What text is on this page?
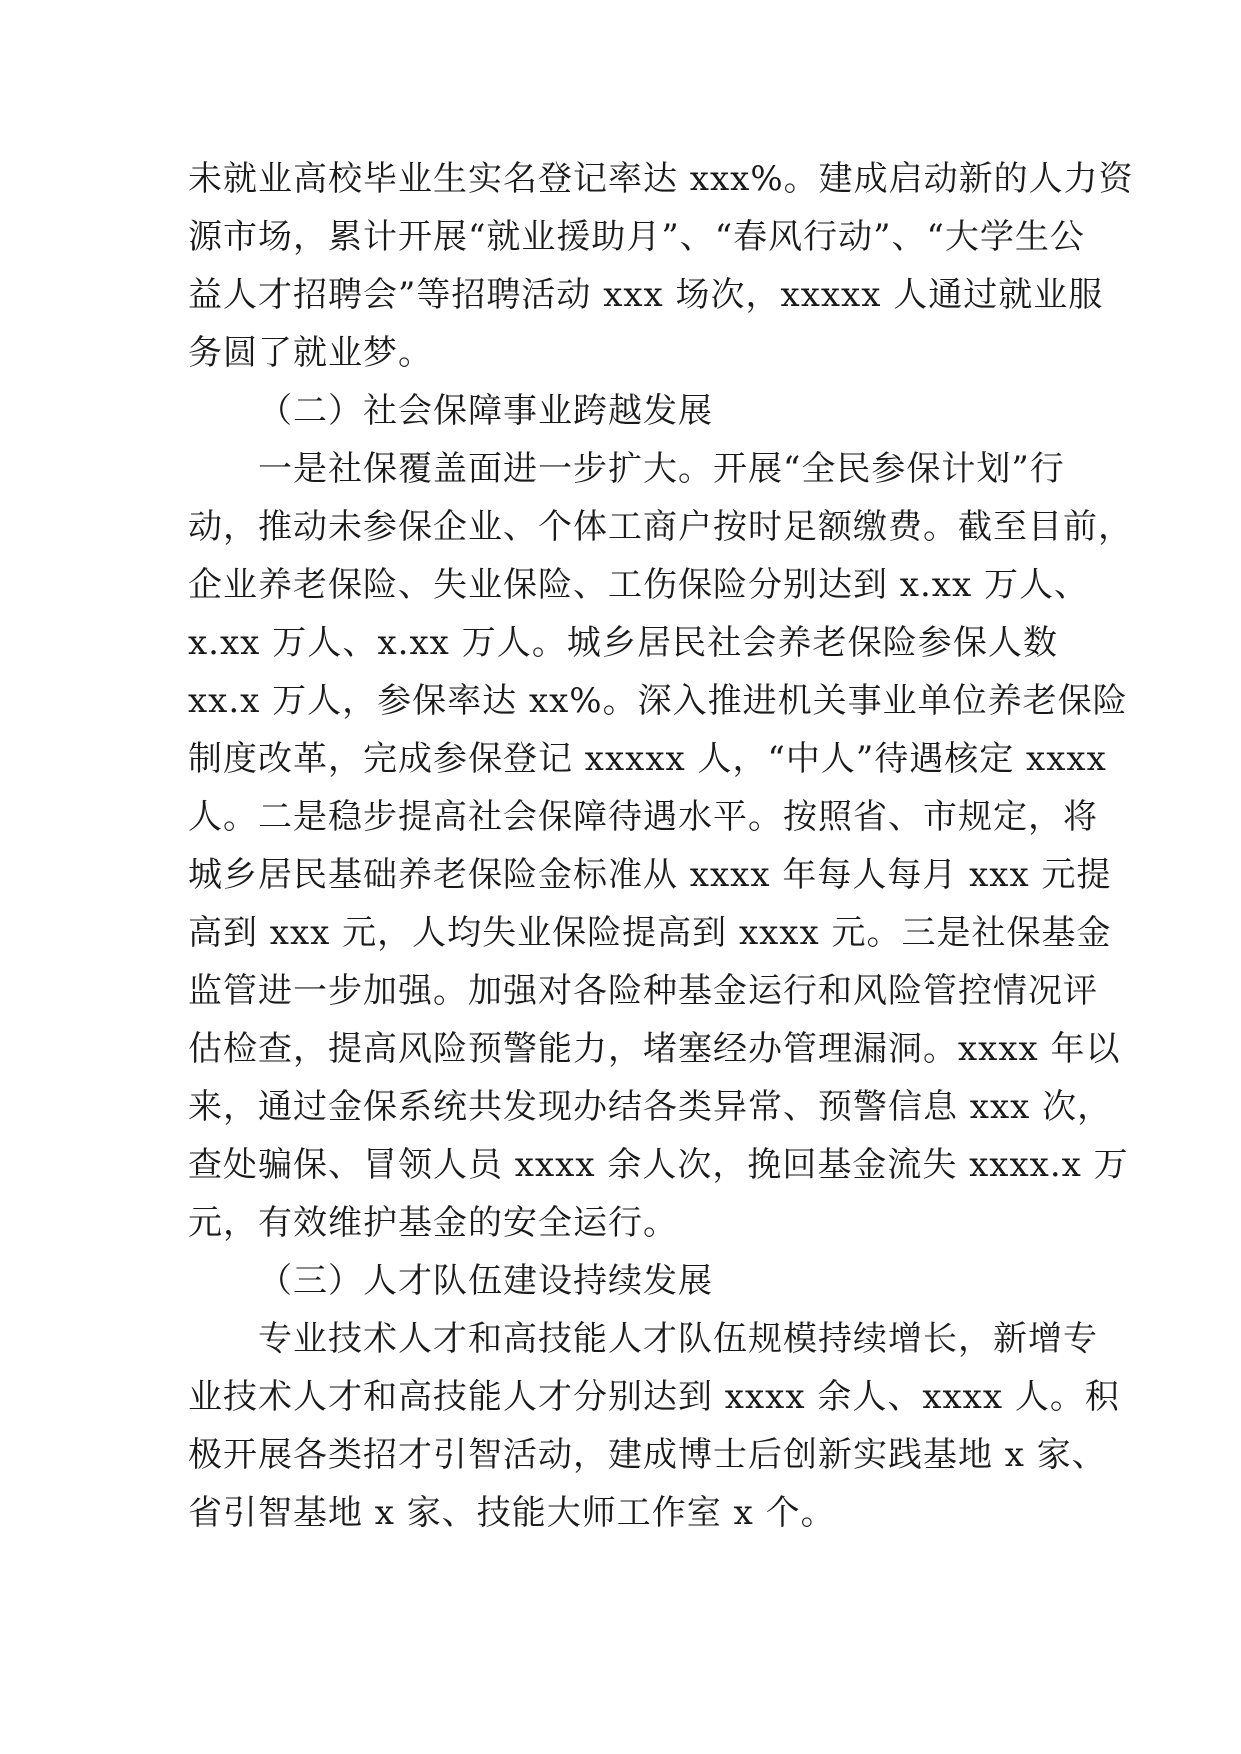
未就业高校毕业生实名登记率达 xxx%。建成启动新的人力资
源市场，累计开展“就业援助月”、“春风行动”、“大学生公
益人才招聘会”等招聘活动 xxx 场次，xxxxx 人通过就业服
务圆了就业梦。
（二）社会保障事业跨越发展
一是社保覆盖面进一步扩大。开展“全民参保计划”行
动，推动未参保企业、个体工商户按时足额缴费。截至目前，
企业养老保险、失业保险、工伤保险分别达到 x.xx 万人、
x.xx 万人、x.xx 万人。城乡居民社会养老保险参保人数
xx.x 万人，参保率达 xx%。深入推进机关事业单位养老保险
制度改革，完成参保登记 xxxxx 人，“中人”待遇核定 xxxx
人。二是稳步提高社会保障待遇水平。按照省、市规定，将
城乡居民基础养老保险金标准从 xxxx 年每人每月 xxx 元提
高到 xxx 元，人均失业保险提高到 xxxx 元。三是社保基金
监管进一步加强。加强对各险种基金运行和风险管控情况评
估检查，提高风险预警能力，堵塞经办管理漏洞。xxxx 年以
来，通过金保系统共发现办结各类异常、预警信息 xxx 次，
查处骗保、冒领人员 xxxx 余人次，挽回基金流失 xxxx.x 万
元，有效维护基金的安全运行。
（三）人才队伍建设持续发展
专业技术人才和高技能人才队伍规模持续增长，新增专
业技术人才和高技能人才分别达到 xxxx 余人、xxxx 人。积
极开展各类招才引智活动，建成博士后创新实践基地 x 家、
省引智基地 x 家、技能大师工作室 x 个。
